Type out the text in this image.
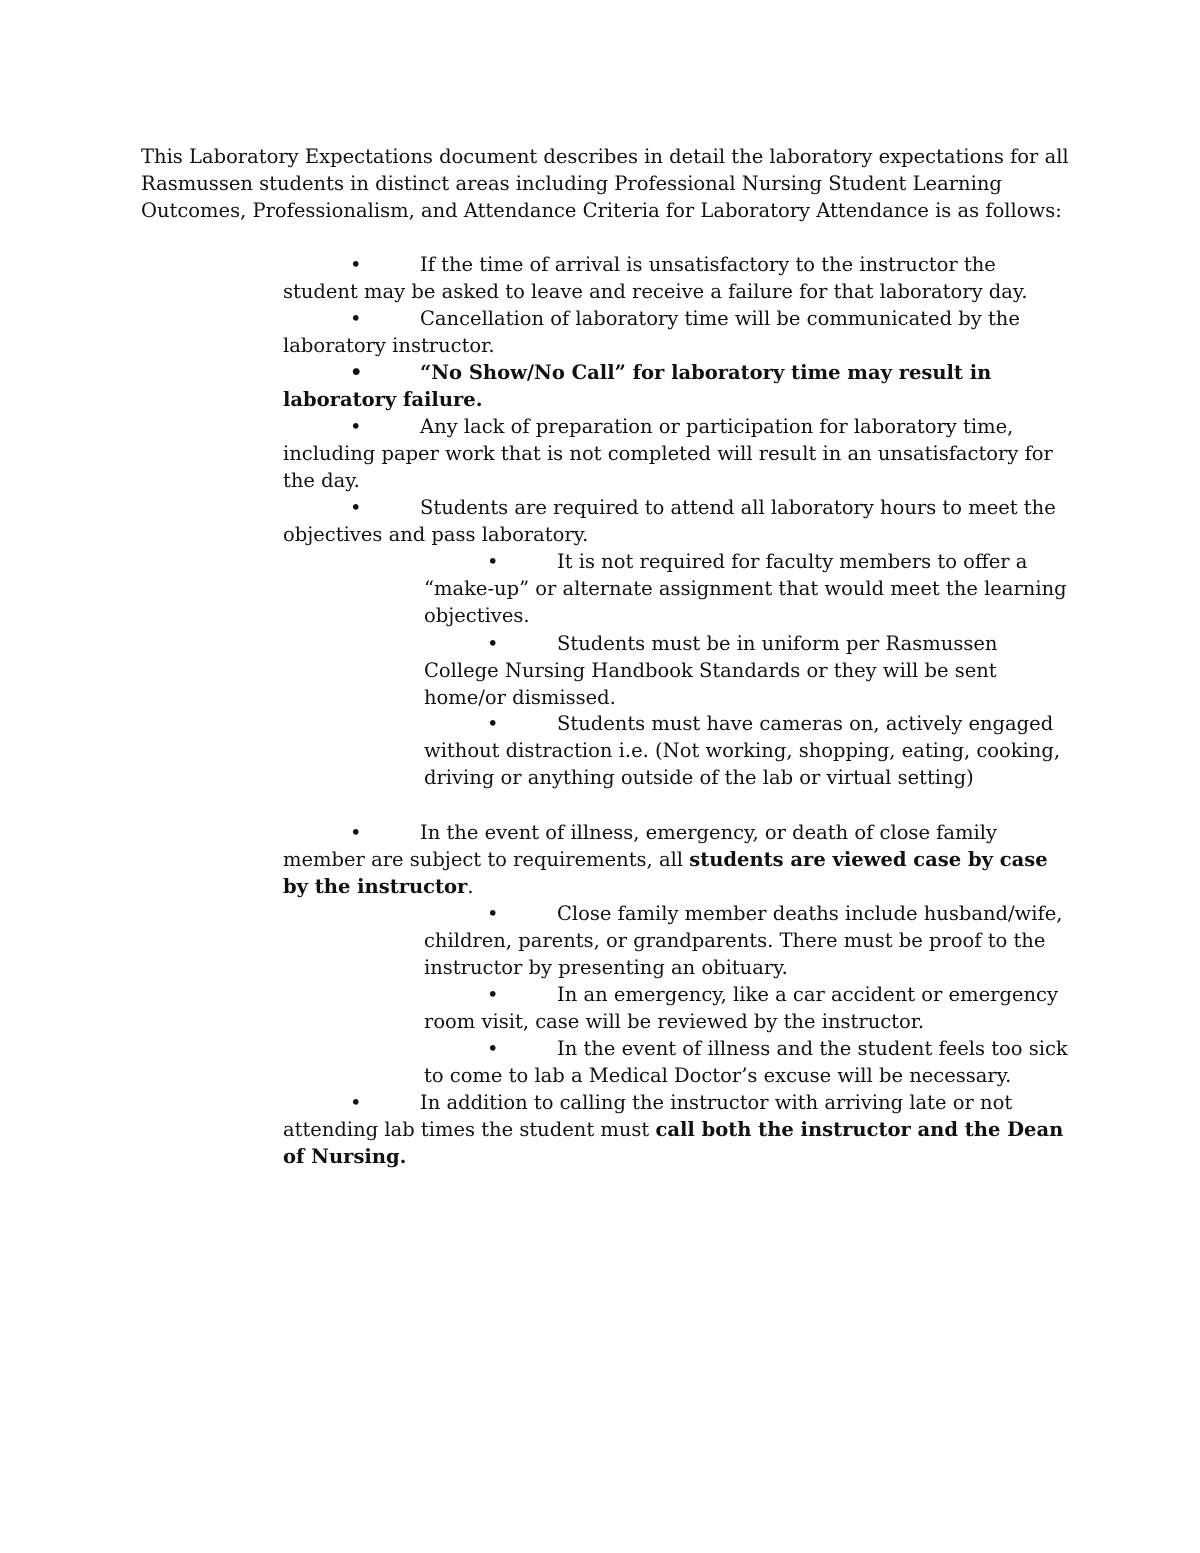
This Laboratory Expectations document describes in detail the laboratory expectations for all Rasmussen students in distinct areas including Professional Nursing Student Learning Outcomes, Professionalism, and Attendance Criteria for Laboratory Attendance is as follows:

•	If the time of arrival is unsatisfactory to the instructor the student may be asked to leave and receive a failure for that laboratory day.

•	Cancellation of laboratory time will be communicated by the laboratory instructor.

•	“No Show/No Call” for laboratory time may result in laboratory failure.

•	Any lack of preparation or participation for laboratory time, including paper work that is not completed will result in an unsatisfactory for the day.

•	Students are required to attend all laboratory hours to meet the objectives and pass laboratory.

•	It is not required for faculty members to offer a “make-up” or alternate assignment that would meet the learning objectives.

•	Students must be in uniform per Rasmussen College Nursing Handbook Standards or they will be sent home/or dismissed.

•	Students must have cameras on, actively engaged without distraction i.e. (Not working, shopping, eating, cooking, driving or anything outside of the lab or virtual setting)

•	In the event of illness, emergency, or death of close family member are subject to requirements, all students are viewed case by case by the instructor.

•	Close family member deaths include husband/wife, children, parents, or grandparents. There must be proof to the instructor by presenting an obituary.

•	In an emergency, like a car accident or emergency room visit, case will be reviewed by the instructor.

•	In the event of illness and the student feels too sick to come to lab a Medical Doctor’s excuse will be necessary.

•	In addition to calling the instructor with arriving late or not attending lab times the student must call both the instructor and the Dean of Nursing.
